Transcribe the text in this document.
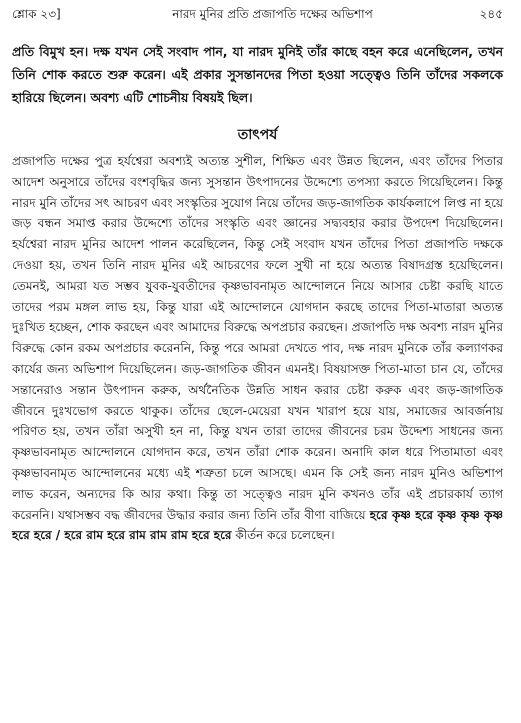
শ্লোক ২৩]	নারদ মুনির প্রতি প্রজাপতি দক্ষের অভিশাপ	২৪৫
প্রতি বিমুখ হন। দক্ষ যখন সেই সংবাদ পান, যা নারদ মুনিই তাঁর কাছে বহন করে এনেছিলেন, তখন তিনি শোক করতে শুরু করেন। এই প্রকার সুসন্তানদের পিতা হওয়া সত্ত্বেও তিনি তাঁদের সকলকে হারিয়ে ছিলেন। অবশ্য এটি শোচনীয় বিষয়ই ছিল।
তাৎপর্য

প্রজাপতি দক্ষের পুত্র হর্যশ্বেরা অবশ্যই অত্যন্ত সুশীল, শিক্ষিত এবং উন্নত ছিলেন, এবং তাঁদের পিতার আদেশ অনুসারে তাঁদের বংশবৃদ্ধির জন্য সুসন্তান উৎপাদনের উদ্দেশ্যে তপস্যা করতে গিয়েছিলেন। কিন্তু নারদ মুনি তাঁদের সৎ আচরণ এবং সংস্কৃতির সুযোগ নিয়ে তাঁদের জড়-জাগতিক কার্যকলাপে লিপ্ত না হয়ে জড় বন্ধন সমাপ্ত করার উদ্দেশ্যে তাঁদের সংস্কৃতি এবং জ্ঞানের সদ্ব্যবহার করার উপদেশ দিয়েছিলেন। হর্যশ্বেরা নারদ মুনির আদেশ পালন করেছিলেন, কিন্তু সেই সংবাদ যখন তাঁদের পিতা প্রজাপতি দক্ষকে দেওয়া হয়, তখন তিনি নারদ মুনির এই আচরণের ফলে সুখী না হয়ে অত্যন্ত বিষাদগ্রস্ত হয়েছিলেন। তেমনই, আমরা যত সম্ভব যুবক-যুবতীদের কৃষ্ণভাবনামৃত আন্দোলনে নিয়ে আসার চেষ্টা করছি যাতে তাদের পরম মঙ্গল লাভ হয়, কিন্তু যারা এই আন্দোলনে যোগদান করছে তাদের পিতা-মাতারা অত্যন্ত দুঃখিত হচ্ছেন, শোক করছেন এবং আমাদের বিরুদ্ধে অপপ্রচার করছেন। প্রজাপতি দক্ষ অবশ্য নারদ মুনির বিরুদ্ধে কোন রকম অপপ্রচার করেননি, কিন্তু পরে আমরা দেখতে পাব, দক্ষ নারদ মুনিকে তাঁর কল্যাণকর কার্যের জন্য অভিশাপ দিয়েছিলেন। জড়-জাগতিক জীবন এমনই। বিষয়াসক্ত পিতা-মাতা চান যে, তাঁদের সন্তানেরাও সন্তান উৎপাদন করুক, অর্থনৈতিক উন্নতি সাধন করার চেষ্টা করুক এবং জড়-জাগতিক জীবনে দুঃখভোগ করতে থাকুক। তাঁদের ছেলে-মেয়েরা যখন খারাপ হয়ে যায়, সমাজের আবর্জনায় পরিণত হয়, তখন তাঁরা অসুখী হন না, কিন্তু যখন তারা তাদের জীবনের চরম উদ্দেশ্য সাধনের জন্য কৃষ্ণভাবনামৃত আন্দোলনে যোগদান করে, তখন তাঁরা শোক করেন। অনাদি কাল ধরে পিতামাতা এবং কৃষ্ণভাবনামৃত আন্দোলনের মধ্যে এই শত্রুতা চলে আসছে। এমন কি সেই জন্য নারদ মুনিও অভিশাপ লাভ করেন, অন্যদের কি আর কথা। কিন্তু তা সত্ত্বেও নারদ মুনি কখনও তাঁর এই প্রচারকার্য ত্যাগ করেননি। যথাসম্ভব বদ্ধ জীবদের উদ্ধার করার জন্য তিনি তাঁর বীণা বাজিয়ে হরে কৃষ্ণ হরে কৃষ্ণ কৃষ্ণ কৃষ্ণ হরে হরে / হরে রাম হরে রাম রাম রাম হরে হরে কীর্তন করে চলেছেন।
